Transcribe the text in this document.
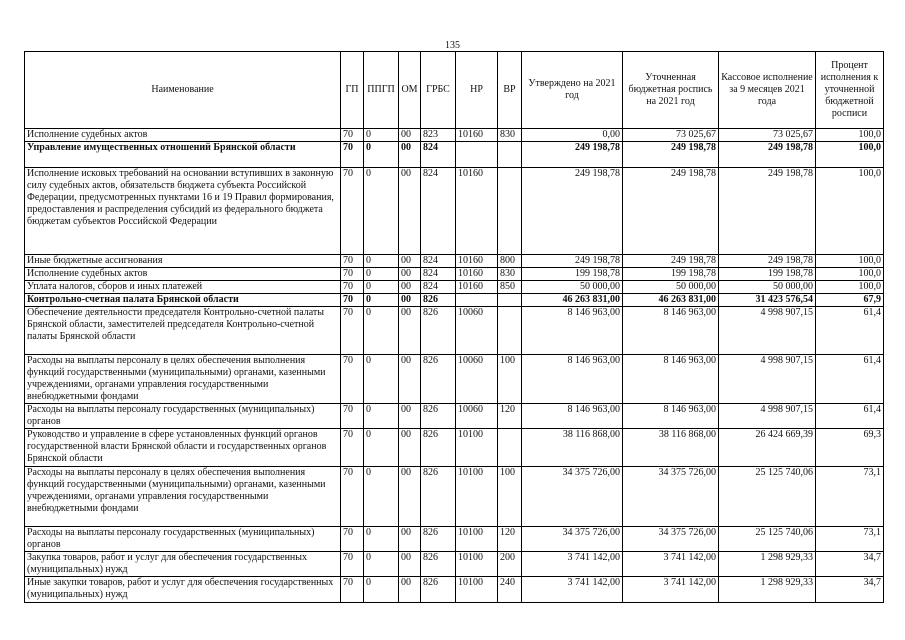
135
Наименование	ГП	ППГП	ОМ	ГРБС	НР	ВР	Утверждено на 2021 год	Уточненная бюджетная роспись на 2021 год	Кассовое исполнение за 9 месяцев 2021 года	Процент исполнения к уточненной бюджетной росписи
Исполнение судебных актов	70	0	00	823	10160	830	0,00	73 025,67	73 025,67	100,0
Управление имущественных отношений Брянской области	70	0	00	824			249 198,78	249 198,78	249 198,78	100,0
Исполнение исковых требований на основании вступивших в законную силу судебных актов, обязательств бюджета субъекта Российской Федерации, предусмотренных пунктами 16 и 19 Правил формирования, предоставления и распределения субсидий из федерального бюджета бюджетам субъектов Российской Федерации	70	0	00	824	10160		249 198,78	249 198,78	249 198,78	100,0
Иные бюджетные ассигнования	70	0	00	824	10160	800	249 198,78	249 198,78	249 198,78	100,0
Исполнение судебных актов	70	0	00	824	10160	830	199 198,78	199 198,78	199 198,78	100,0
Уплата налогов, сборов и иных платежей	70	0	00	824	10160	850	50 000,00	50 000,00	50 000,00	100,0
Контрольно-счетная палата Брянской области	70	0	00	826			46 263 831,00	46 263 831,00	31 423 576,54	67,9
Обеспечение деятельности председателя Контрольно-счетной палаты Брянской области, заместителей председателя Контрольно-счетной палаты Брянской области	70	0	00	826	10060		8 146 963,00	8 146 963,00	4 998 907,15	61,4
Расходы на выплаты персоналу в целях обеспечения выполнения функций государственными (муниципальными) органами, казенными учреждениями, органами управления государственными внебюджетными фондами	70	0	00	826	10060	100	8 146 963,00	8 146 963,00	4 998 907,15	61,4
Расходы на выплаты персоналу государственных (муниципальных) органов	70	0	00	826	10060	120	8 146 963,00	8 146 963,00	4 998 907,15	61,4
Руководство и управление в сфере установленных функций органов государственной власти Брянской области и государственных органов Брянской области	70	0	00	826	10100		38 116 868,00	38 116 868,00	26 424 669,39	69,3
Расходы на выплаты персоналу в целях обеспечения выполнения функций государственными (муниципальными) органами, казенными учреждениями, органами управления государственными внебюджетными фондами	70	0	00	826	10100	100	34 375 726,00	34 375 726,00	25 125 740,06	73,1
Расходы на выплаты персоналу государственных (муниципальных) органов	70	0	00	826	10100	120	34 375 726,00	34 375 726,00	25 125 740,06	73,1
Закупка товаров, работ и услуг для обеспечения государственных (муниципальных) нужд	70	0	00	826	10100	200	3 741 142,00	3 741 142,00	1 298 929,33	34,7
Иные закупки товаров, работ и услуг для обеспечения государственных (муниципальных) нужд	70	0	00	826	10100	240	3 741 142,00	3 741 142,00	1 298 929,33	34,7
